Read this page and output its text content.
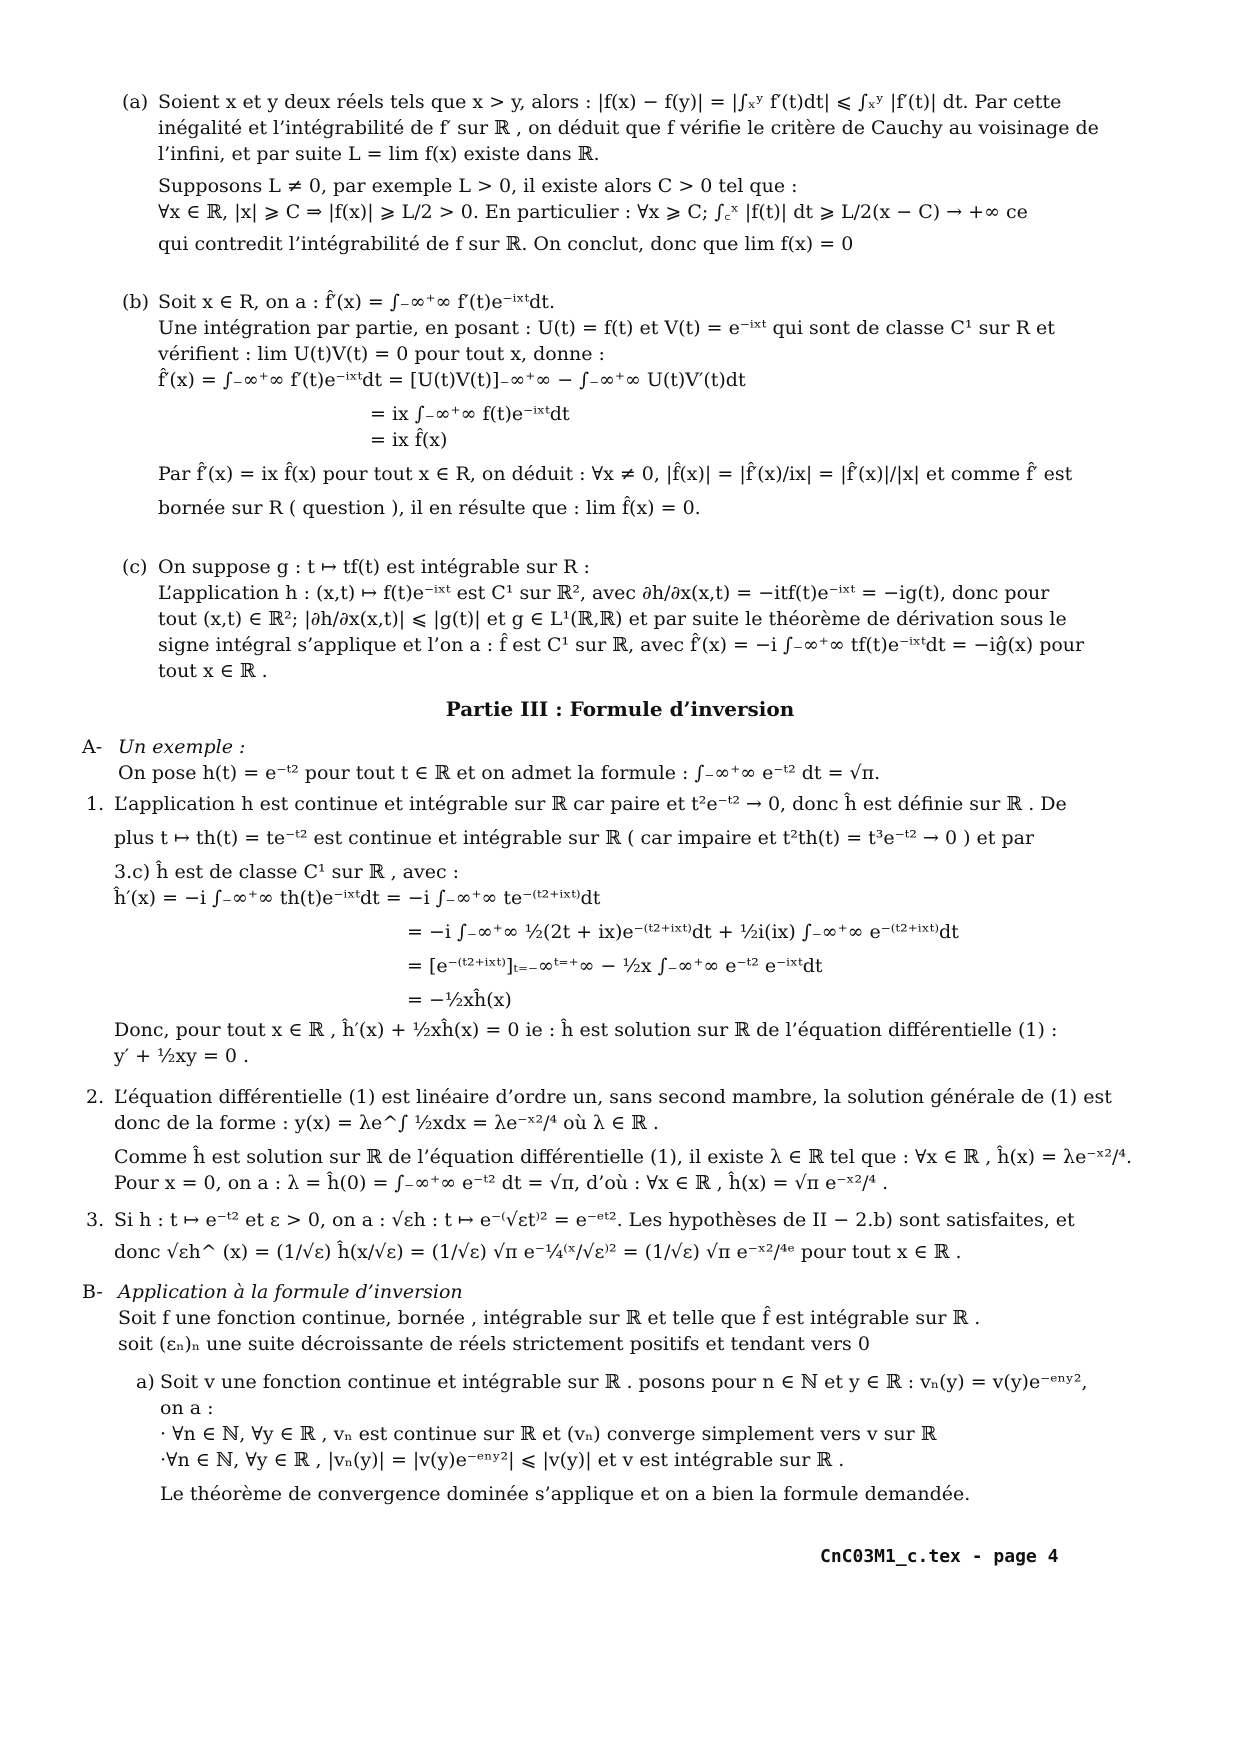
(a) Soient x et y deux réels tels que x > y, alors : |f(x) − f(y)| = |∫ₓʸ f′(t)dt| ⩽ ∫ₓʸ |f′(t)| dt. Par cette
inégalité et l’intégrabilité de f′ sur ℝ , on déduit que f vérifie le critère de Cauchy au voisinage de
l’infini, et par suite L = lim f(x) existe dans ℝ.
Supposons L ≠ 0, par exemple L > 0, il existe alors C > 0 tel que :
∀x ∈ ℝ, |x| ⩾ C ⇒ |f(x)| ⩾ L/2 > 0. En particulier : ∀x ⩾ C; ∫꜀ˣ |f(t)| dt ⩾ L/2(x − C) → +∞ ce
qui contredit l’intégrabilité de f sur ℝ. On conclut, donc que lim f(x) = 0
(b) Soit x ∈ R, on a : f̂′(x) = ∫₋∞⁺∞ f′(t)e⁻ⁱˣᵗdt.
Une intégration par partie, en posant : U(t) = f(t) et V(t) = e⁻ⁱˣᵗ qui sont de classe C¹ sur R et
vérifient : lim U(t)V(t) = 0 pour tout x, donne :
f̂′(x) = ∫₋∞⁺∞ f′(t)e⁻ⁱˣᵗdt = [U(t)V(t)]₋∞⁺∞ − ∫₋∞⁺∞ U(t)V′(t)dt
= ix ∫₋∞⁺∞ f(t)e⁻ⁱˣᵗdt
= ix f̂(x)
Par f̂′(x) = ix f̂(x) pour tout x ∈ R, on déduit : ∀x ≠ 0, |f̂(x)| = |f̂′(x)/ix| = |f̂′(x)|/|x| et comme f̂′ est
bornée sur R ( question ), il en résulte que : lim f̂(x) = 0.
(c) On suppose g : t ↦ tf(t) est intégrable sur R :
L’application h : (x,t) ↦ f(t)e⁻ⁱˣᵗ est C¹ sur ℝ², avec ∂h/∂x(x,t) = −itf(t)e⁻ⁱˣᵗ = −ig(t), donc pour
tout (x,t) ∈ ℝ²; |∂h/∂x(x,t)| ⩽ |g(t)| et g ∈ L¹(ℝ,ℝ) et par suite le théorème de dérivation sous le
signe intégral s’applique et l’on a : f̂ est C¹ sur ℝ, avec f̂′(x) = −i ∫₋∞⁺∞ tf(t)e⁻ⁱˣᵗdt = −iĝ(x) pour
tout x ∈ ℝ .
Partie III : Formule d’inversion
A- Un exemple :
On pose h(t) = e⁻ᵗ² pour tout t ∈ ℝ et on admet la formule : ∫₋∞⁺∞ e⁻ᵗ² dt = √π.
1. L’application h est continue et intégrable sur ℝ car paire et t²e⁻ᵗ² → 0, donc ĥ est définie sur ℝ . De
plus t ↦ th(t) = te⁻ᵗ² est continue et intégrable sur ℝ ( car impaire et t²th(t) = t³e⁻ᵗ² → 0 ) et par
3.c) ĥ est de classe C¹ sur ℝ , avec :
ĥ′(x) = −i ∫₋∞⁺∞ th(t)e⁻ⁱˣᵗdt = −i ∫₋∞⁺∞ te⁻⁽ᵗ²⁺ⁱˣᵗ⁾dt
= −i ∫₋∞⁺∞ ½(2t + ix)e⁻⁽ᵗ²⁺ⁱˣᵗ⁾dt + ½i(ix) ∫₋∞⁺∞ e⁻⁽ᵗ²⁺ⁱˣᵗ⁾dt
= [e⁻⁽ᵗ²⁺ⁱˣᵗ⁾]ₜ₌₋∞ᵗ⁼⁺∞ − ½x ∫₋∞⁺∞ e⁻ᵗ² e⁻ⁱˣᵗdt
= −½xĥ(x)
Donc, pour tout x ∈ ℝ , ĥ′(x) + ½xĥ(x) = 0 ie : ĥ est solution sur ℝ de l’équation différentielle (1) :
y′ + ½xy = 0 .
2. L’équation différentielle (1) est linéaire d’ordre un, sans second mambre, la solution générale de (1) est
donc de la forme : y(x) = λe^∫ ½xdx = λe⁻ˣ²/⁴ où λ ∈ ℝ .
Comme ĥ est solution sur ℝ de l’équation différentielle (1), il existe λ ∈ ℝ tel que : ∀x ∈ ℝ , ĥ(x) = λe⁻ˣ²/⁴.
Pour x = 0, on a : λ = ĥ(0) = ∫₋∞⁺∞ e⁻ᵗ² dt = √π, d’où : ∀x ∈ ℝ , ĥ(x) = √π e⁻ˣ²/⁴ .
3. Si h : t ↦ e⁻ᵗ² et ε > 0, on a : √εh : t ↦ e⁻⁽√εt⁾² = e⁻ᵉᵗ². Les hypothèses de II − 2.b) sont satisfaites, et
donc √εh^ (x) = (1/√ε) ĥ(x/√ε) = (1/√ε) √π e⁻¼⁽ˣ/√ε⁾² = (1/√ε) √π e⁻ˣ²/⁴ᵉ pour tout x ∈ ℝ .
B- Application à la formule d’inversion
Soit f une fonction continue, bornée , intégrable sur ℝ et telle que f̂ est intégrable sur ℝ .
soit (εₙ)ₙ une suite décroissante de réels strictement positifs et tendant vers 0
a) Soit v une fonction continue et intégrable sur ℝ . posons pour n ∈ ℕ et y ∈ ℝ : vₙ(y) = v(y)e⁻ᵉⁿʸ²,
on a :
· ∀n ∈ ℕ, ∀y ∈ ℝ , vₙ est continue sur ℝ et (vₙ) converge simplement vers v sur ℝ
·∀n ∈ ℕ, ∀y ∈ ℝ , |vₙ(y)| = |v(y)e⁻ᵉⁿʸ²| ⩽ |v(y)| et v est intégrable sur ℝ .
Le théorème de convergence dominée s’applique et on a bien la formule demandée.
CnC03M1_c.tex - page 4
